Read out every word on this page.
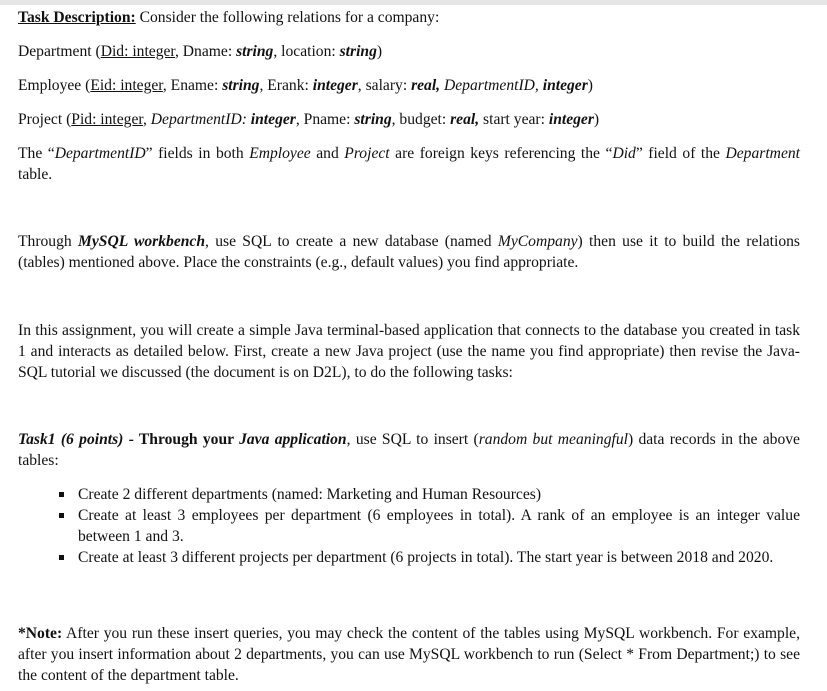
Task Description: Consider the following relations for a company:

Department (Did: integer, Dname: string, location: string)

Employee (Eid: integer, Ename: string, Erank: integer, salary: real, DepartmentID, integer)

Project (Pid: integer, DepartmentID: integer, Pname: string, budget: real, start year: integer)

The “DepartmentID” fields in both Employee and Project are foreign keys referencing the “Did” field of the Department table.

Through MySQL workbench, use SQL to create a new database (named MyCompany) then use it to build the relations (tables) mentioned above. Place the constraints (e.g., default values) you find appropriate.

In this assignment, you will create a simple Java terminal-based application that connects to the database you created in task 1 and interacts as detailed below. First, create a new Java project (use the name you find appropriate) then revise the Java-SQL tutorial we discussed (the document is on D2L), to do the following tasks:

Task1 (6 points) - Through your Java application, use SQL to insert (random but meaningful) data records in the above tables:

Create 2 different departments (named: Marketing and Human Resources)
Create at least 3 employees per department (6 employees in total). A rank of an employee is an integer value between 1 and 3.
Create at least 3 different projects per department (6 projects in total). The start year is between 2018 and 2020.

*Note: After you run these insert queries, you may check the content of the tables using MySQL workbench. For example, after you insert information about 2 departments, you can use MySQL workbench to run (Select * From Department;) to see the content of the department table.
